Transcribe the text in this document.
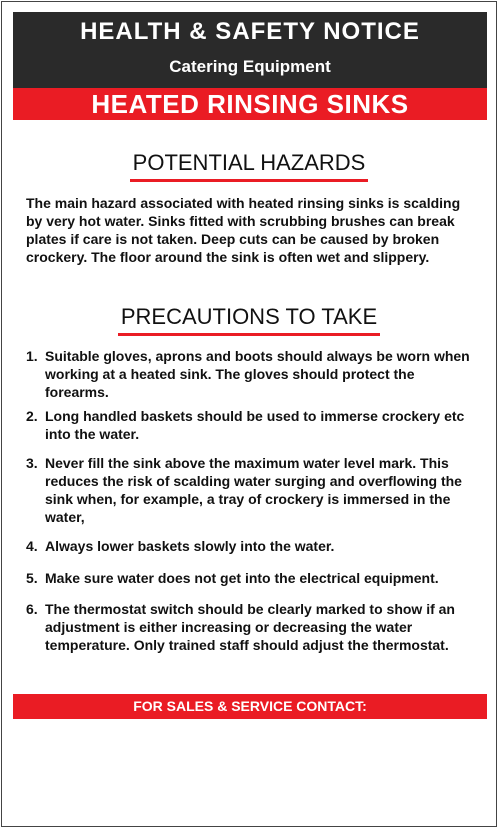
HEALTH & SAFETY NOTICE
Catering Equipment
HEATED RINSING SINKS
POTENTIAL HAZARDS
The main hazard associated with heated rinsing sinks is scalding by very hot water. Sinks fitted with scrubbing brushes can break plates if care is not taken. Deep cuts can be caused by broken crockery. The floor around the sink is often wet and slippery.
PRECAUTIONS TO TAKE
1. Suitable gloves, aprons and boots should always be worn when working at a heated sink. The gloves should protect the forearms.
2. Long handled baskets should be used to immerse crockery etc into the water.
3. Never fill the sink above the maximum water level mark. This reduces the risk of scalding water surging and overflowing the sink when, for example, a tray of crockery is immersed in the water,
4. Always lower baskets slowly into the water.
5. Make sure water does not get into the electrical equipment.
6. The thermostat switch should be clearly marked to show if an adjustment is either increasing or decreasing the water temperature. Only trained staff should adjust the thermostat.
FOR SALES & SERVICE CONTACT:
